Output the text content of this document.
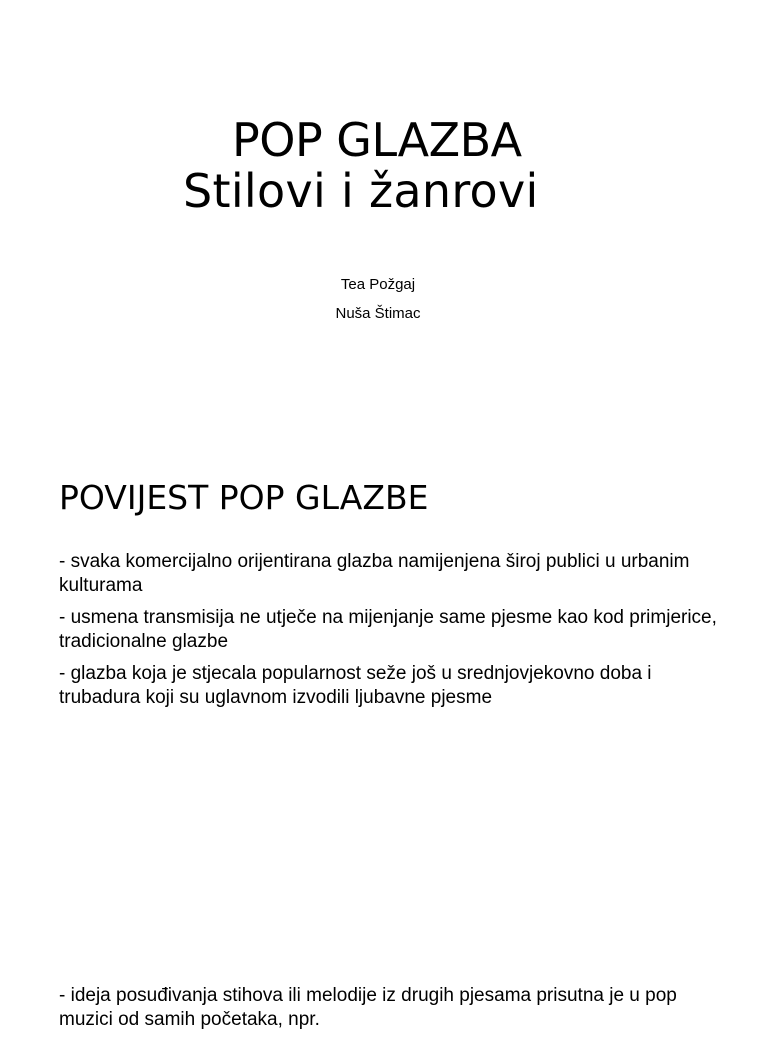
POP GLAZBA
Stilovi i žanrovi
Tea Požgaj
Nuša Štimac
POVIJEST POP GLAZBE
- svaka komercijalno orijentirana glazba namijenjena široj publici u urbanim kulturama
- usmena transmisija ne utječe na mijenjanje same pjesme kao kod primjerice, tradicionalne glazbe
- glazba koja je stjecala popularnost seže još u srednjovjekovno doba i trubadura koji su uglavnom izvodili ljubavne pjesme
- ideja posuđivanja stihova ili melodije iz drugih pjesama prisutna je u pop muzici od samih početaka, npr.
